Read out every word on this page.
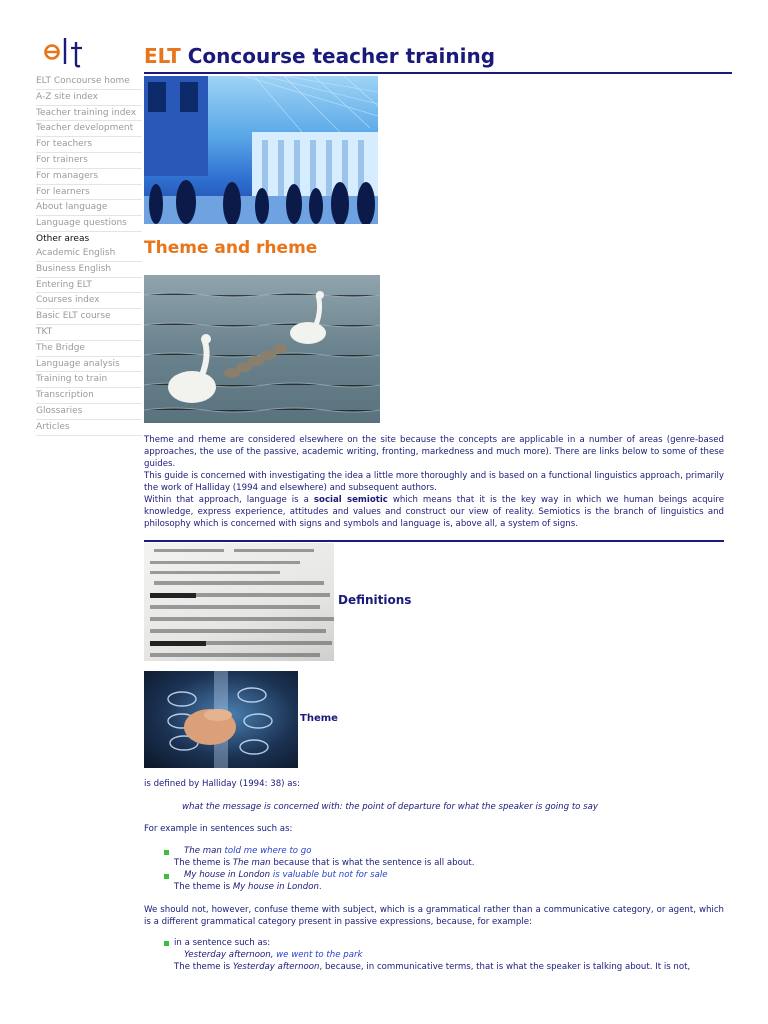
ELT Concourse teacher training
ELT Concourse home
A-Z site index
Teacher training index
Teacher development
For teachers
For trainers
For managers
For learners
About language
Language questions
Other areas
Academic English
Business English
Entering ELT
Courses index
Basic ELT course
TKT
The Bridge
Language analysis
Training to train
Transcription
Glossaries
Articles
Theme and rheme

Theme and rheme are considered elsewhere on the site because the concepts are applicable in a number of areas (genre-based approaches, the use of the passive, academic writing, fronting, markedness and much more). There are links below to some of these guides.

This guide is concerned with investigating the idea a little more thoroughly and is based on a functional linguistics approach, primarily the work of Halliday (1994 and elsewhere) and subsequent authors.

Within that approach, language is a social semiotic which means that it is the key way in which we human beings acquire knowledge, express experience, attitudes and values and construct our view of reality. Semiotics is the branch of linguistics and philosophy which is concerned with signs and symbols and language is, above all, a system of signs.

Definitions
Theme

is defined by Halliday (1994: 38) as:

what the message is concerned with: the point of departure for what the speaker is going to say

For example in sentences such as:

The man told me where to go

The theme is The man because that is what the sentence is all about.

My house in London is valuable but not for sale

The theme is My house in London.

We should not, however, confuse theme with subject, which is a grammatical rather than a communicative category, or agent, which is a different grammatical category present in passive expressions, because, for example:

in a sentence such as:

Yesterday afternoon, we went to the park

The theme is Yesterday afternoon, because, in communicative terms, that is what the speaker is talking about. It is not,
